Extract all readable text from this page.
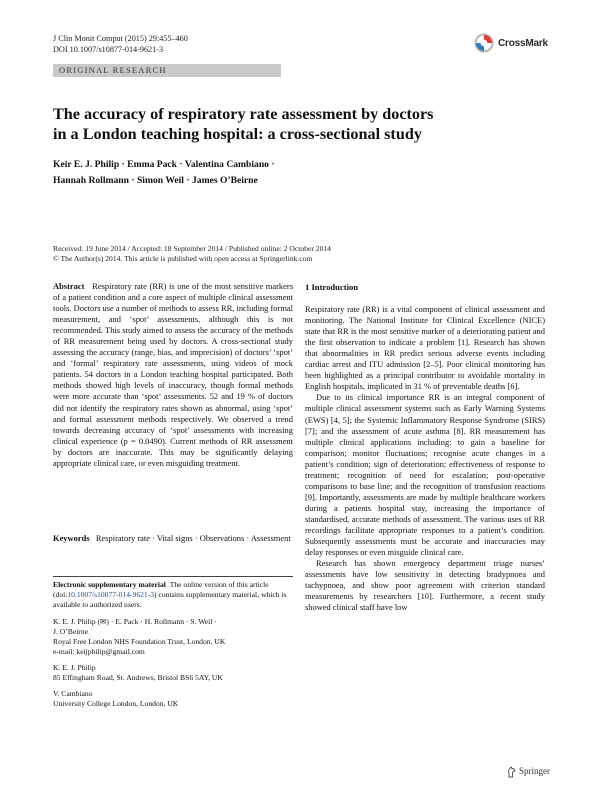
J Clin Monit Comput (2015) 29:455–460
DOI 10.1007/s10877-014-9621-3
CrossMark
ORIGINAL RESEARCH
The accuracy of respiratory rate assessment by doctors
in a London teaching hospital: a cross-sectional study
Keir E. J. Philip · Emma Pack · Valentina Cambiano ·
Hannah Rollmann · Simon Weil · James O’Beirne
Received: 19 June 2014 / Accepted: 18 September 2014 / Published online: 2 October 2014
© The Author(s) 2014. This article is published with open access at Springerlink.com

Abstract Respiratory rate (RR) is one of the most sensitive markers of a patient condition and a core aspect of multiple clinical assessment tools. Doctors use a number of methods to assess RR, including formal measurement, and ‘spot’ assessments, although this is not recommended. This study aimed to assess the accuracy of the methods of RR measurement being used by doctors. A cross-sectional study assessing the accuracy (range, bias, and imprecision) of doctors’ ‘spot’ and ‘formal’ respiratory rate assessments, using videos of mock patients. 54 doctors in a London teaching hospital participated. Both methods showed high levels of inaccuracy, though formal methods were more accurate than ‘spot’ assessments. 52 and 19 % of doctors did not identify the respiratory rates shown as abnormal, using ‘spot’ and formal assessment methods respectively. We observed a trend towards decreasing accuracy of ‘spot’ assessments with increasing clinical experience (p = 0.0490). Current methods of RR assessment by doctors are inaccurate. This may be significantly delaying appropriate clinical care, or even misguiding treatment.

Keywords Respiratory rate · Vital signs · Observations · Assessment

Electronic supplementary material The online version of this article (doi:10.1007/s10877-014-9621-3) contains supplementary material, which is available to authorized users.

K. E. J. Philip (✉) · E. Pack · H. Rollmann · S. Weil ·
J. O’Beirne
Royal Free London NHS Foundation Trust, London, UK
e-mail: keijphilip@gmail.com
K. E. J. Philip
85 Effingham Road, St. Andrews, Bristol BS6 5AY, UK
V. Cambiano
University College London, London, UK
1 Introduction

Respiratory rate (RR) is a vital component of clinical assessment and monitoring. The National Institute for Clinical Excellence (NICE) state that RR is the most sensitive marker of a deteriorating patient and the first observation to indicate a problem [1]. Research has shown that abnormalities in RR predict serious adverse events including cardiac arrest and ITU admission [2–5]. Poor clinical monitoring has been highlighted as a principal contributor to avoidable mortality in English hospitals, implicated in 31 % of preventable deaths [6].

Due to its clinical importance RR is an integral component of multiple clinical assessment systems such as Early Warning Systems (EWS) [4, 5]; the Systemic Inflammatory Response Syndrome (SIRS) [7]; and the assessment of acute asthma [8]. RR measurement has multiple clinical applications including: to gain a baseline for comparison; monitor fluctuations; recognise acute changes in a patient’s condition; sign of deterioration; effectiveness of response to treatment; recognition of need for escalation; post-operative comparisons to base line; and the recognition of transfusion reactions [9]. Importantly, assessments are made by multiple healthcare workers during a patients hospital stay, increasing the importance of standardised, accurate methods of assessment. The various uses of RR recordings facilitate appropriate responses to a patient’s condition. Subsequently assessments must be accurate and inaccuracies may delay responses or even misguide clinical care.

Research has shown emergency department triage nurses’ assessments have low sensitivity in detecting bradypnoea and tachypnoea, and show poor agreement with criterion standard measurements by researchers [10]. Furthermore, a recent study showed clinical staff have low

Springer
